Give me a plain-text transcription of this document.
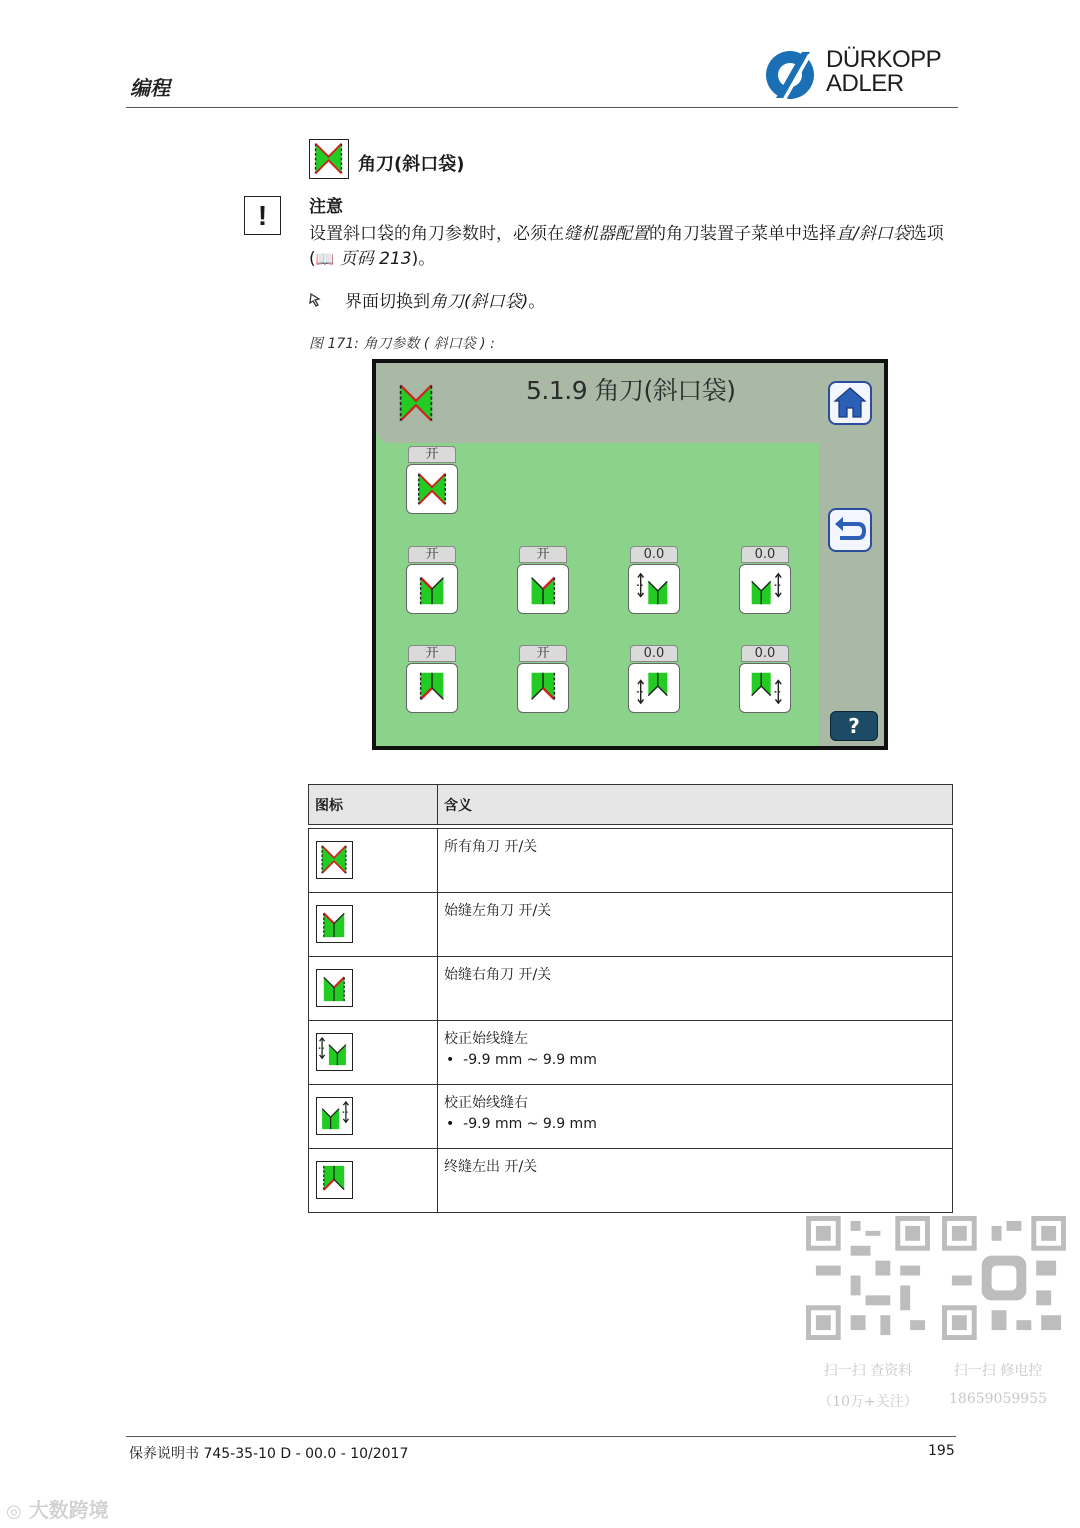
编程
DÜRKOPP
ADLER
角刀(斜口袋)
!	注意
设置斜口袋的角刀参数时，必须在缝机器配置的角刀装置子菜单中选择直/斜口袋选项 (📖 页码 213)。
界面切换到角刀(斜口袋)。
图 171: 角刀参数 ( 斜口袋 ) :
5.1.9 角刀(斜口袋)
?
开
开	开	0.0	0.0
开	开	0.0	0.0
图标	含义

所有角刀 开/关

始缝左角刀 开/关

始缝右角刀 开/关

校正始线缝左
•  -9.9 mm ~ 9.9 mm

校正始线缝右
•  -9.9 mm ~ 9.9 mm

终缝左出 开/关
扫一扫 查资料
（10万+关注）
扫一扫 修电控
18659059955
保养说明书 745-35-10 D - 00.0 - 10/2017	195
◎ 大数跨境
